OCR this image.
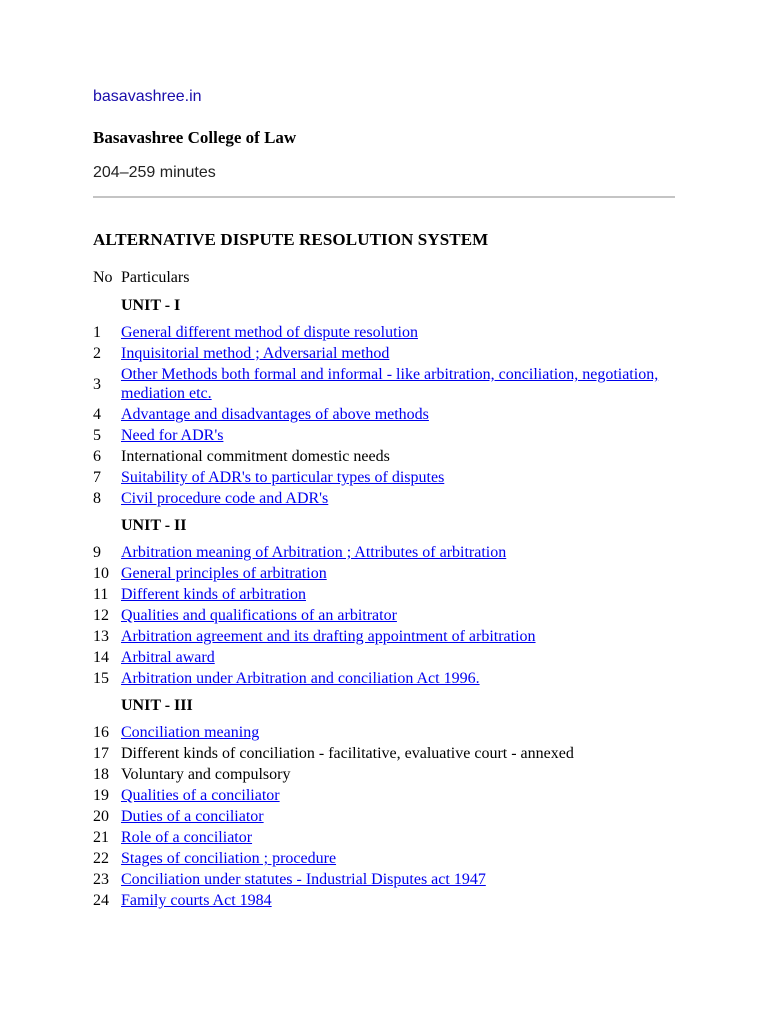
basavashree.in
Basavashree College of Law
204–259 minutes
ALTERNATIVE DISPUTE RESOLUTION SYSTEM
No	Particulars
	UNIT - I
1	General different method of dispute resolution
2	Inquisitorial method ; Adversarial method
3	Other Methods both formal and informal - like arbitration, conciliation, negotiation, mediation etc.
4	Advantage and disadvantages of above methods
5	Need for ADR's
6	International commitment domestic needs
7	Suitability of ADR's to particular types of disputes
8	Civil procedure code and ADR's
	UNIT - II
9	Arbitration meaning of Arbitration ; Attributes of arbitration
10	General principles of arbitration
11	Different kinds of arbitration
12	Qualities and qualifications of an arbitrator
13	Arbitration agreement and its drafting appointment of arbitration
14	Arbitral award
15	Arbitration under Arbitration and conciliation Act 1996.
	UNIT - III
16	Conciliation meaning
17	Different kinds of conciliation - facilitative, evaluative court - annexed
18	Voluntary and compulsory
19	Qualities of a conciliator
20	Duties of a conciliator
21	Role of a conciliator
22	Stages of conciliation ; procedure
23	Conciliation under statutes - Industrial Disputes act 1947
24	Family courts Act 1984
